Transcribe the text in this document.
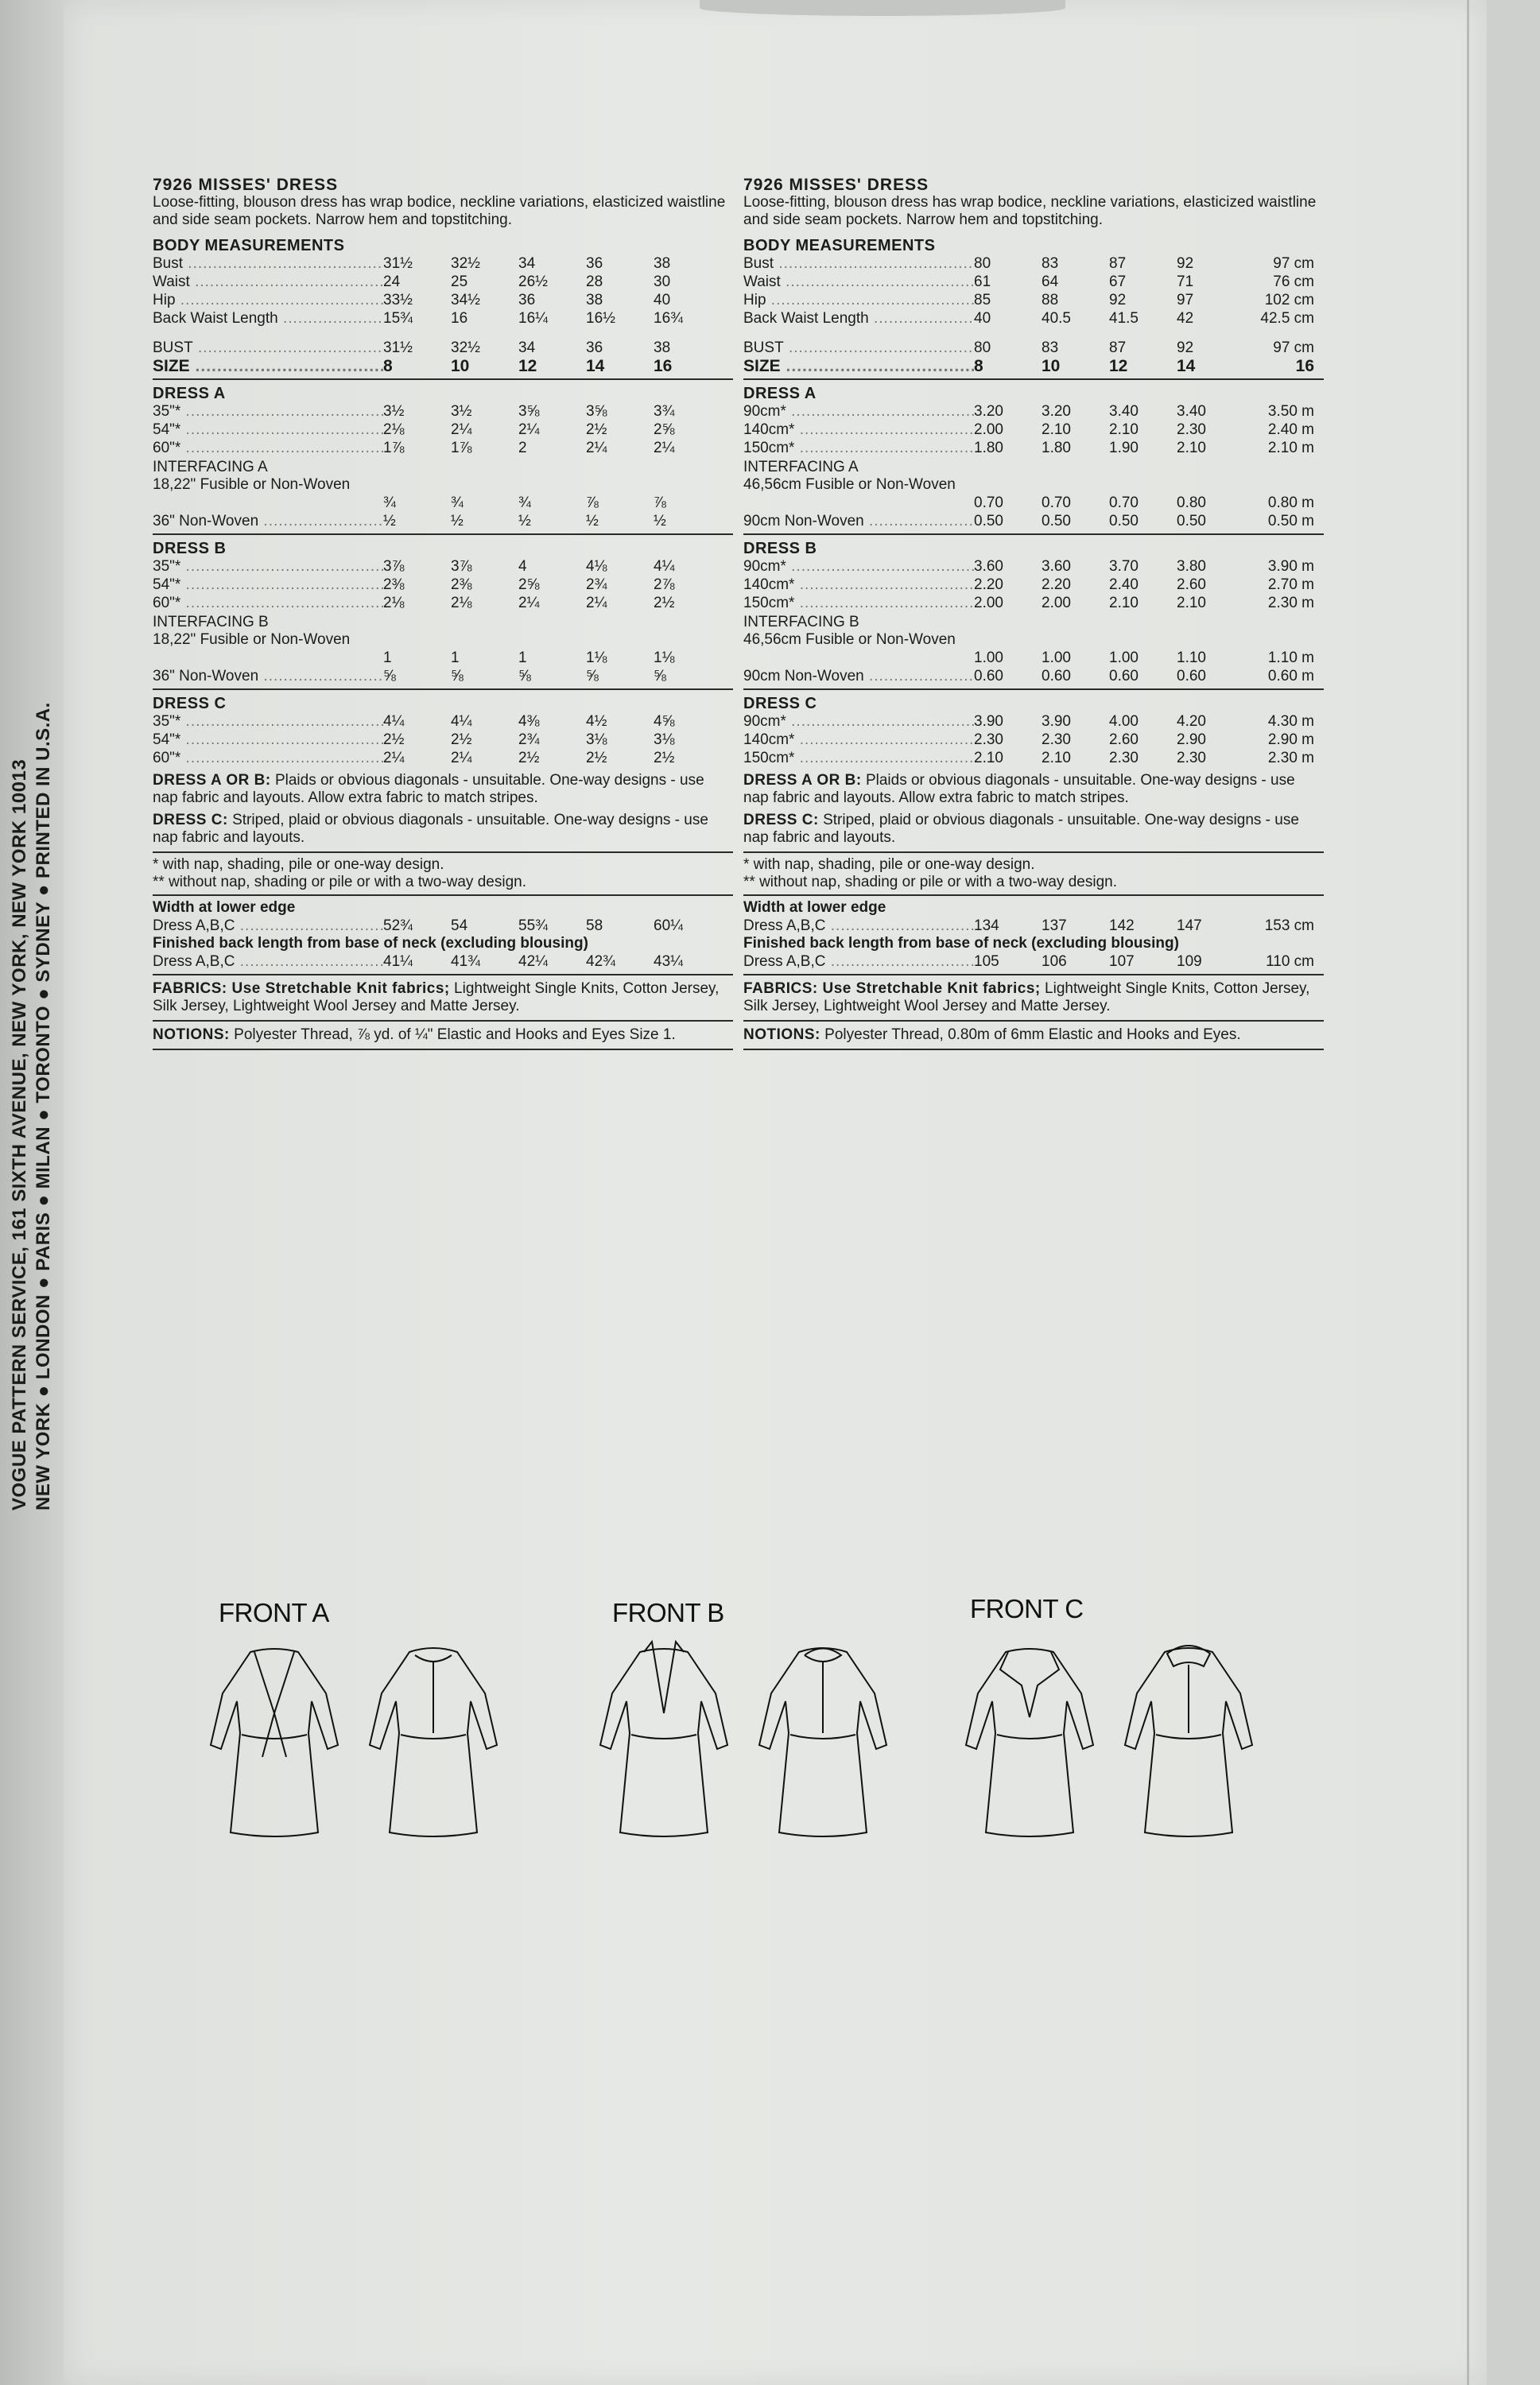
VOGUE PATTERN SERVICE, 161 SIXTH AVENUE, NEW YORK, NEW YORK 10013 NEW YORK ● LONDON ● PARIS ● MILAN ● TORONTO ● SYDNEY ● PRINTED IN U.S.A.
7926 MISSES' DRESS
Loose-fitting, blouson dress has wrap bodice, neckline variations, elasticized waistline and side seam pockets. Narrow hem and topstitching.
BODY MEASUREMENTS
Bust .....	31½	32½	34	36	38
Waist .....	24	25	26½	28	30
Hip .....	33½	34½	36	38	40
Back Waist Length .....	15¾	16	16¼	16½	16¾
BUST .....	31½	32½	34	36	38
SIZE .....	8	10	12	14	16
DRESS A
35"* .....	3½	3½	3⅝	3⅝	3¾
54"* .....	2⅛	2¼	2¼	2½	2⅝
60"* .....	1⅞	1⅞	2	2¼	2¼
INTERFACING A
18,22" Fusible or Non-Woven
¾	¾	¾	⅞	⅞
36" Non-Woven .....	½	½	½	½	½
DRESS B
35"* .....	3⅞	3⅞	4	4⅛	4¼
54"* .....	2⅜	2⅜	2⅝	2¾	2⅞
60"* .....	2⅛	2⅛	2¼	2¼	2½
INTERFACING B
18,22" Fusible or Non-Woven
1	1	1	1⅛	1⅛
36" Non-Woven .....	⅝	⅝	⅝	⅝	⅝
DRESS C
35"* .....	4¼	4¼	4⅜	4½	4⅝
54"* .....	2½	2½	2¾	3⅛	3⅛
60"* .....	2¼	2¼	2½	2½	2½
DRESS A OR B: Plaids or obvious diagonals - unsuitable. One-way designs - use nap fabric and layouts. Allow extra fabric to match stripes.
DRESS C: Striped, plaid or obvious diagonals - unsuitable. One-way designs - use nap fabric and layouts.
* with nap, shading, pile or one-way design.
** without nap, shading or pile or with a two-way design.
Width at lower edge
Dress A,B,C .....	52¾	54	55¾	58	60¼
Finished back length from base of neck (excluding blousing)
Dress A,B,C .....	41¼	41¾	42¼	42¾	43¼
FABRICS: Use Stretchable Knit fabrics; Lightweight Single Knits, Cotton Jersey, Silk Jersey, Lightweight Wool Jersey and Matte Jersey.
NOTIONS: Polyester Thread, ⅞ yd. of ¼" Elastic and Hooks and Eyes Size 1.
7926 MISSES' DRESS
Loose-fitting, blouson dress has wrap bodice, neckline variations, elasticized waistline and side seam pockets. Narrow hem and topstitching.
BODY MEASUREMENTS
Bust .....	80	83	87	92	97 cm
Waist .....	61	64	67	71	76 cm
Hip .....	85	88	92	97	102 cm
Back Waist Length .....	40	40.5	41.5	42	42.5 cm
BUST .....	80	83	87	92	97 cm
SIZE .....	8	10	12	14	16
DRESS A
90cm* .....	3.20	3.20	3.40	3.40	3.50 m
140cm* .....	2.00	2.10	2.10	2.30	2.40 m
150cm* .....	1.80	1.80	1.90	2.10	2.10 m
INTERFACING A
46,56cm Fusible or Non-Woven
0.70	0.70	0.70	0.80	0.80 m
90cm Non-Woven .....	0.50	0.50	0.50	0.50	0.50 m
DRESS B
90cm* .....	3.60	3.60	3.70	3.80	3.90 m
140cm* .....	2.20	2.20	2.40	2.60	2.70 m
150cm* .....	2.00	2.00	2.10	2.10	2.30 m
INTERFACING B
46,56cm Fusible or Non-Woven
1.00	1.00	1.00	1.10	1.10 m
90cm Non-Woven .....	0.60	0.60	0.60	0.60	0.60 m
DRESS C
90cm* .....	3.90	3.90	4.00	4.20	4.30 m
140cm* .....	2.30	2.30	2.60	2.90	2.90 m
150cm* .....	2.10	2.10	2.30	2.30	2.30 m
DRESS A OR B: Plaids or obvious diagonals - unsuitable. One-way designs - use nap fabric and layouts. Allow extra fabric to match stripes.
DRESS C: Striped, plaid or obvious diagonals - unsuitable. One-way designs - use nap fabric and layouts.
* with nap, shading, pile or one-way design.
** without nap, shading or pile or with a two-way design.
Width at lower edge
Dress A,B,C .....	134	137	142	147	153 cm
Finished back length from base of neck (excluding blousing)
Dress A,B,C .....	105	106	107	109	110 cm
FABRICS: Use Stretchable Knit fabrics; Lightweight Single Knits, Cotton Jersey, Silk Jersey, Lightweight Wool Jersey and Matte Jersey.
NOTIONS: Polyester Thread, 0.80m of 6mm Elastic and Hooks and Eyes.
FRONT A	FRONT B	FRONT C
